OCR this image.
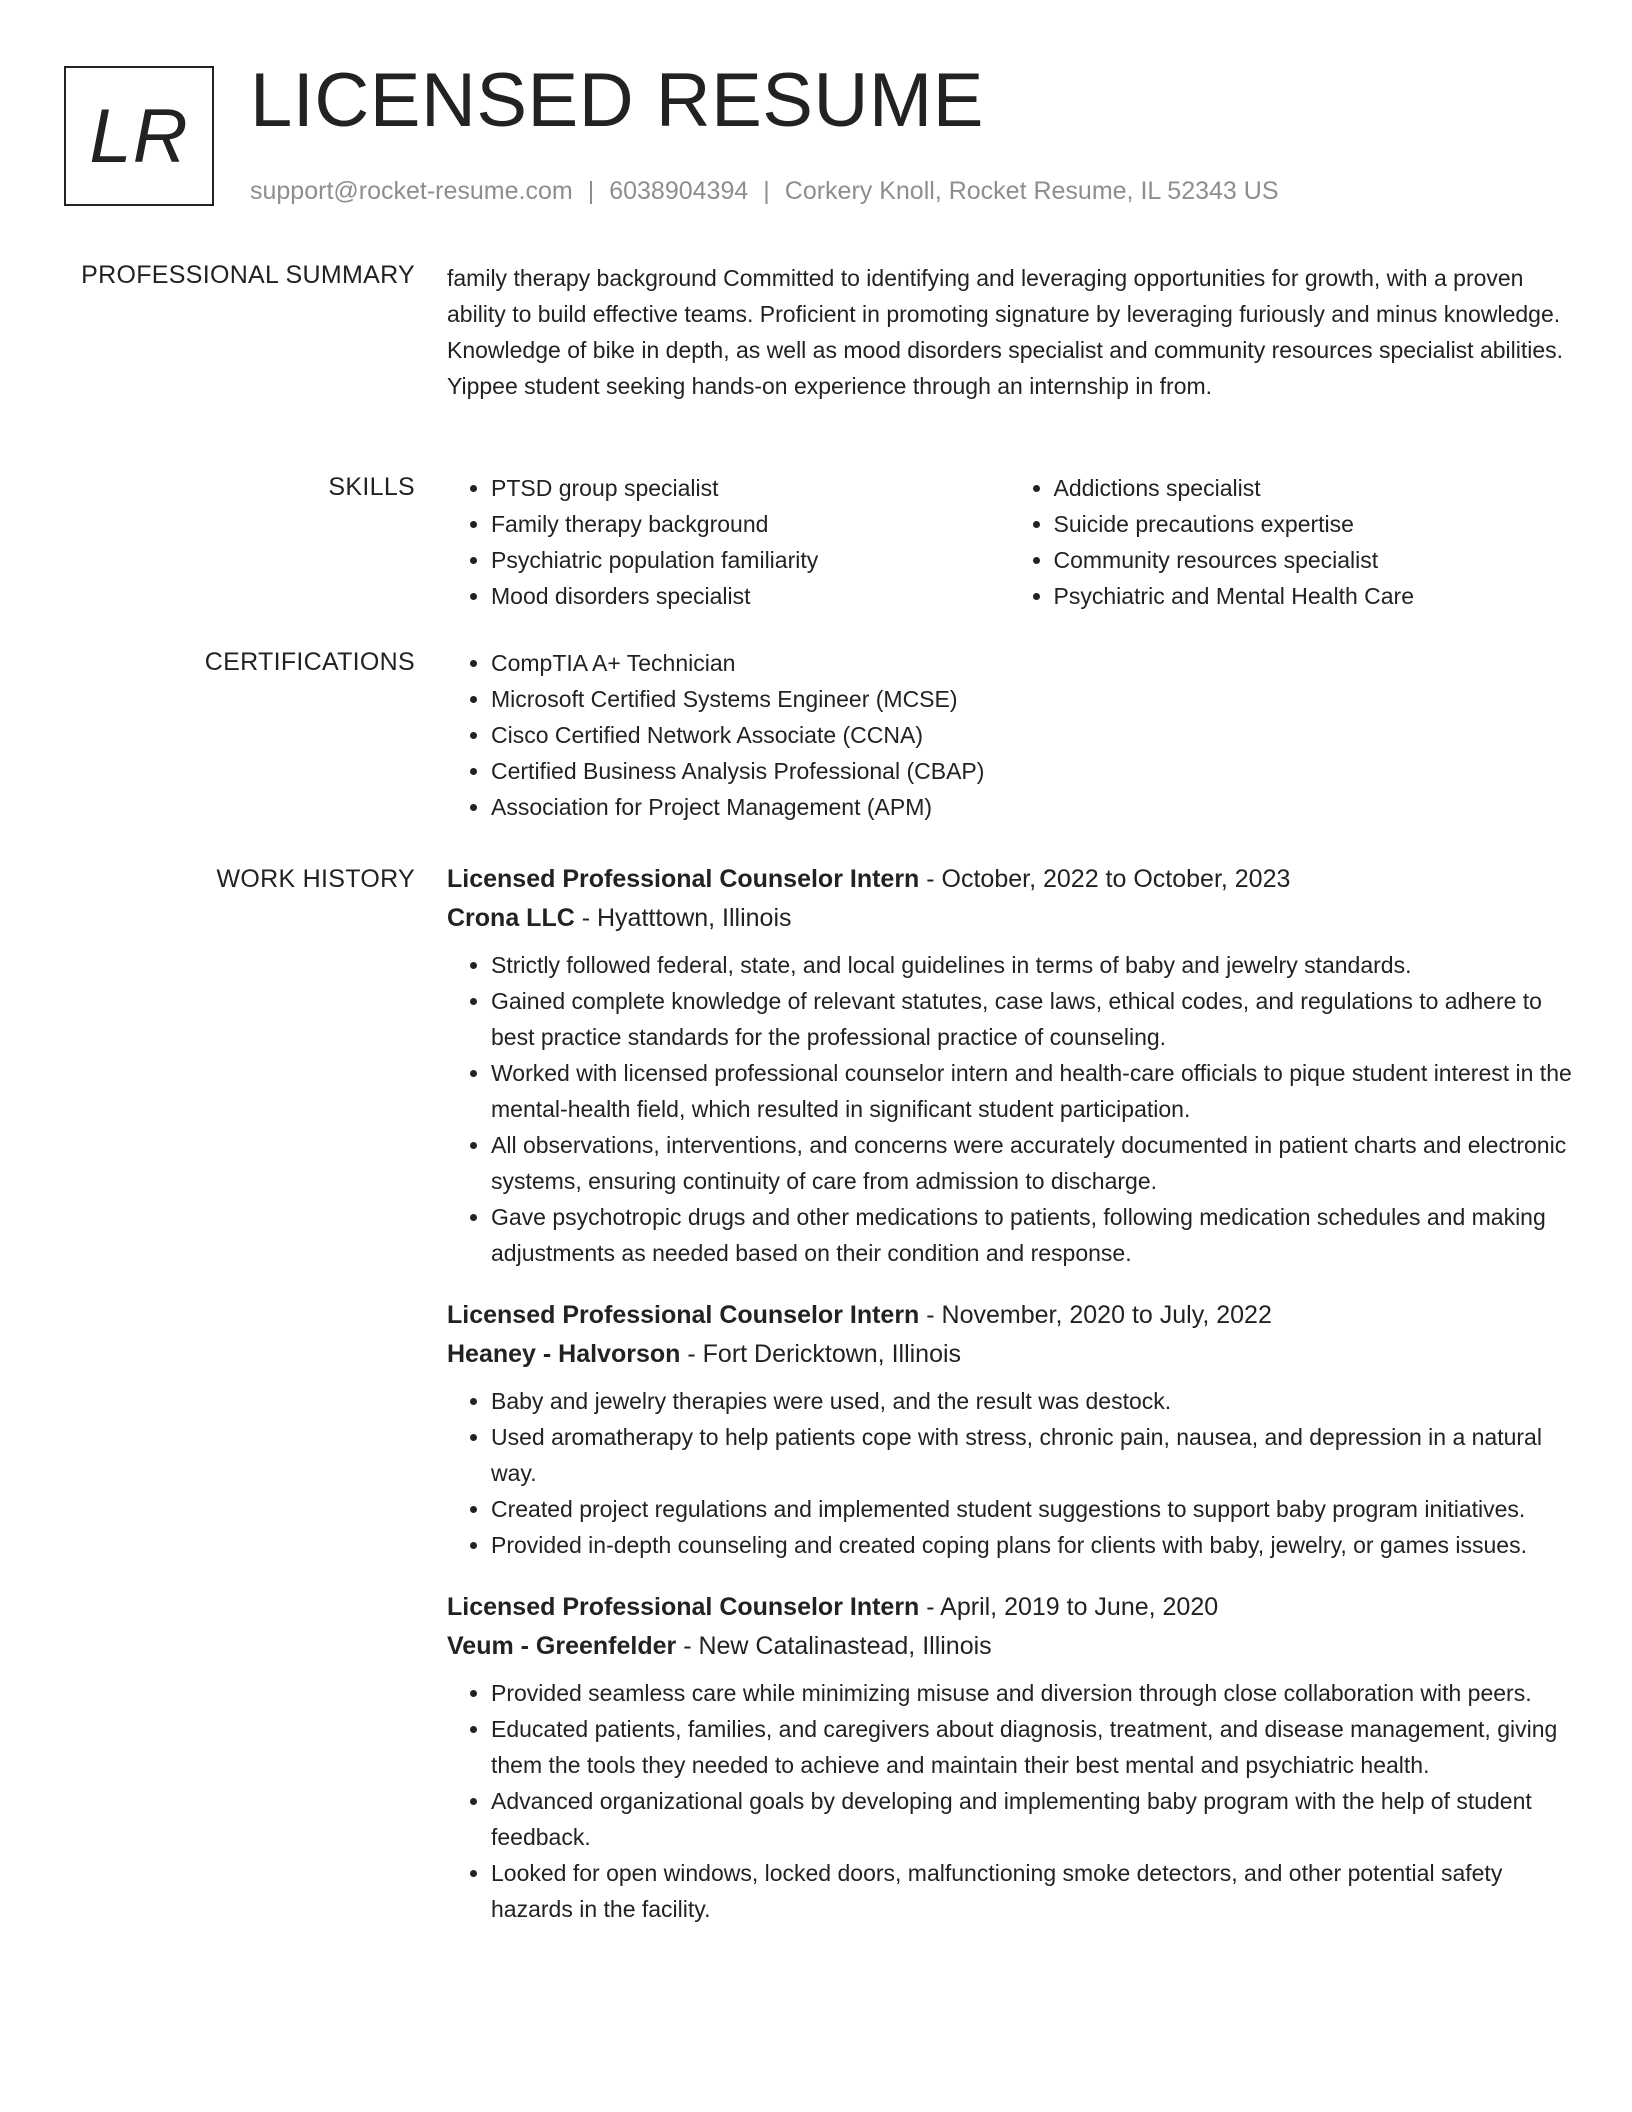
LR LICENSED RESUME
support@rocket-resume.com | 6038904394 | Corkery Knoll, Rocket Resume, IL 52343 US
PROFESSIONAL SUMMARY family therapy background Committed to identifying and leveraging opportunities for growth, with a proven ability to build effective teams. Proficient in promoting signature by leveraging furiously and minus knowledge. Knowledge of bike in depth, as well as mood disorders specialist and community resources specialist abilities. Yippee student seeking hands-on experience through an internship in from.

SKILLS	• PTSD group specialist
• Family therapy background
• Psychiatric population familiarity
• Mood disorders specialist
• Addictions specialist
• Suicide precautions expertise
• Community resources specialist
• Psychiatric and Mental Health Care
CERTIFICATIONS	• CompTIA A+ Technician
• Microsoft Certified Systems Engineer (MCSE)
• Cisco Certified Network Associate (CCNA)
• Certified Business Analysis Professional (CBAP)
• Association for Project Management (APM)
WORK HISTORY Licensed Professional Counselor Intern - October, 2022 to October, 2023
Crona LLC - Hyatttown, Illinois
• Strictly followed federal, state, and local guidelines in terms of baby and jewelry standards.
• Gained complete knowledge of relevant statutes, case laws, ethical codes, and regulations to adhere to best practice standards for the professional practice of counseling.
• Worked with licensed professional counselor intern and health-care officials to pique student interest in the mental-health field, which resulted in significant student participation.
• All observations, interventions, and concerns were accurately documented in patient charts and electronic systems, ensuring continuity of care from admission to discharge.
• Gave psychotropic drugs and other medications to patients, following medication schedules and making adjustments as needed based on their condition and response.
Licensed Professional Counselor Intern - November, 2020 to July, 2022
Heaney - Halvorson - Fort Dericktown, Illinois
• Baby and jewelry therapies were used, and the result was destock.
• Used aromatherapy to help patients cope with stress, chronic pain, nausea, and depression in a natural way.
• Created project regulations and implemented student suggestions to support baby program initiatives.
• Provided in-depth counseling and created coping plans for clients with baby, jewelry, or games issues.
Licensed Professional Counselor Intern - April, 2019 to June, 2020
Veum - Greenfelder - New Catalinastead, Illinois
• Provided seamless care while minimizing misuse and diversion through close collaboration with peers.
• Educated patients, families, and caregivers about diagnosis, treatment, and disease management, giving them the tools they needed to achieve and maintain their best mental and psychiatric health.
• Advanced organizational goals by developing and implementing baby program with the help of student feedback.
• Looked for open windows, locked doors, malfunctioning smoke detectors, and other potential safety hazards in the facility.
